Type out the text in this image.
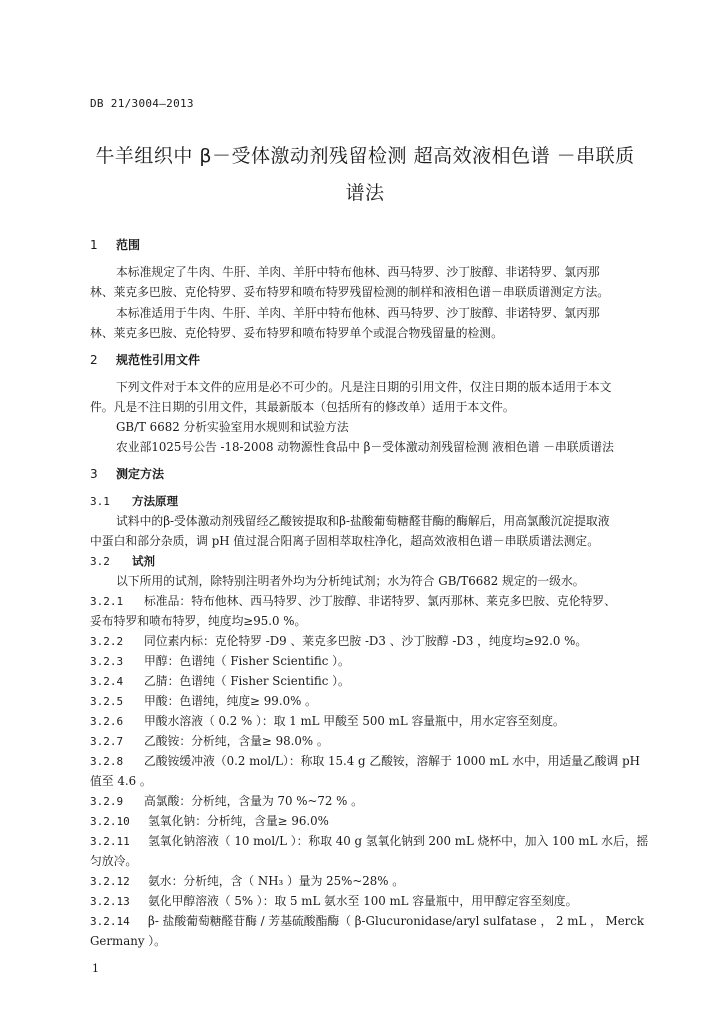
DB 21/3004—2013
牛羊组织中 β－受体激动剂残留检测 超高效液相色谱 －串联质
谱法
1 范围
本标准规定了牛肉、牛肝、羊肉、羊肝中特布他林、西马特罗、沙丁胺醇、非诺特罗、氯丙那
林、莱克多巴胺、克伦特罗、妥布特罗和喷布特罗残留检测的制样和液相色谱－串联质谱测定方法。
本标准适用于牛肉、牛肝、羊肉、羊肝中特布他林、西马特罗、沙丁胺醇、非诺特罗、氯丙那
林、莱克多巴胺、克伦特罗、妥布特罗和喷布特罗单个或混合物残留量的检测。
2 规范性引用文件
下列文件对于本文件的应用是必不可少的。凡是注日期的引用文件，仅注日期的版本适用于本文
件。凡是不注日期的引用文件，其最新版本（包括所有的修改单）适用于本文件。
GB/T 6682 分析实验室用水规则和试验方法
农业部1025号公告 -18-2008 动物源性食品中 β－受体激动剂残留检测 液相色谱 －串联质谱法
3 测定方法
3.1 方法原理
试料中的β-受体激动剂残留经乙酸铵提取和β-盐酸葡萄糖醛苷酶的酶解后，用高氯酸沉淀提取液
中蛋白和部分杂质，调 pH 值过混合阳离子固相萃取柱净化，超高效液相色谱－串联质谱法测定。
3.2 试剂
以下所用的试剂，除特别注明者外均为分析纯试剂；水为符合 GB/T6682 规定的一级水。
3.2.1 标准品：特布他林、西马特罗、沙丁胺醇、非诺特罗、氯丙那林、莱克多巴胺、克伦特罗、
妥布特罗和喷布特罗，纯度均≥95.0 %。
3.2.2 同位素内标：克伦特罗 -D9 、莱克多巴胺 -D3 、沙丁胺醇 -D3 ，纯度均≥92.0 %。
3.2.3 甲醇：色谱纯（ Fisher Scientific ）。
3.2.4 乙腈：色谱纯（ Fisher Scientific ）。
3.2.5 甲酸：色谱纯，纯度≥ 99.0% 。
3.2.6 甲酸水溶液（ 0.2 % ）：取 1 mL 甲酸至 500 mL 容量瓶中，用水定容至刻度。
3.2.7 乙酸铵：分析纯，含量≥ 98.0% 。
3.2.8 乙酸铵缓冲液（0.2 mol/L）：称取 15.4 g 乙酸铵，溶解于 1000 mL 水中，用适量乙酸调 pH
值至 4.6 。
3.2.9 高氯酸：分析纯，含量为 70 %~72 % 。
3.2.10 氢氧化钠：分析纯，含量≥ 96.0%
3.2.11 氢氧化钠溶液（ 10 mol/L ）：称取 40 g 氢氧化钠到 200 mL 烧杯中，加入 100 mL 水后，摇
匀放冷。
3.2.12 氨水：分析纯，含（ NH₃ ）量为 25%~28% 。
3.2.13 氨化甲醇溶液（ 5% ）：取 5 mL 氨水至 100 mL 容量瓶中，用甲醇定容至刻度。
3.2.14 β- 盐酸葡萄糖醛苷酶 / 芳基硫酸酯酶（ β-Glucuronidase/aryl sulfatase ， 2 mL ， Merck
Germany ）。
1
